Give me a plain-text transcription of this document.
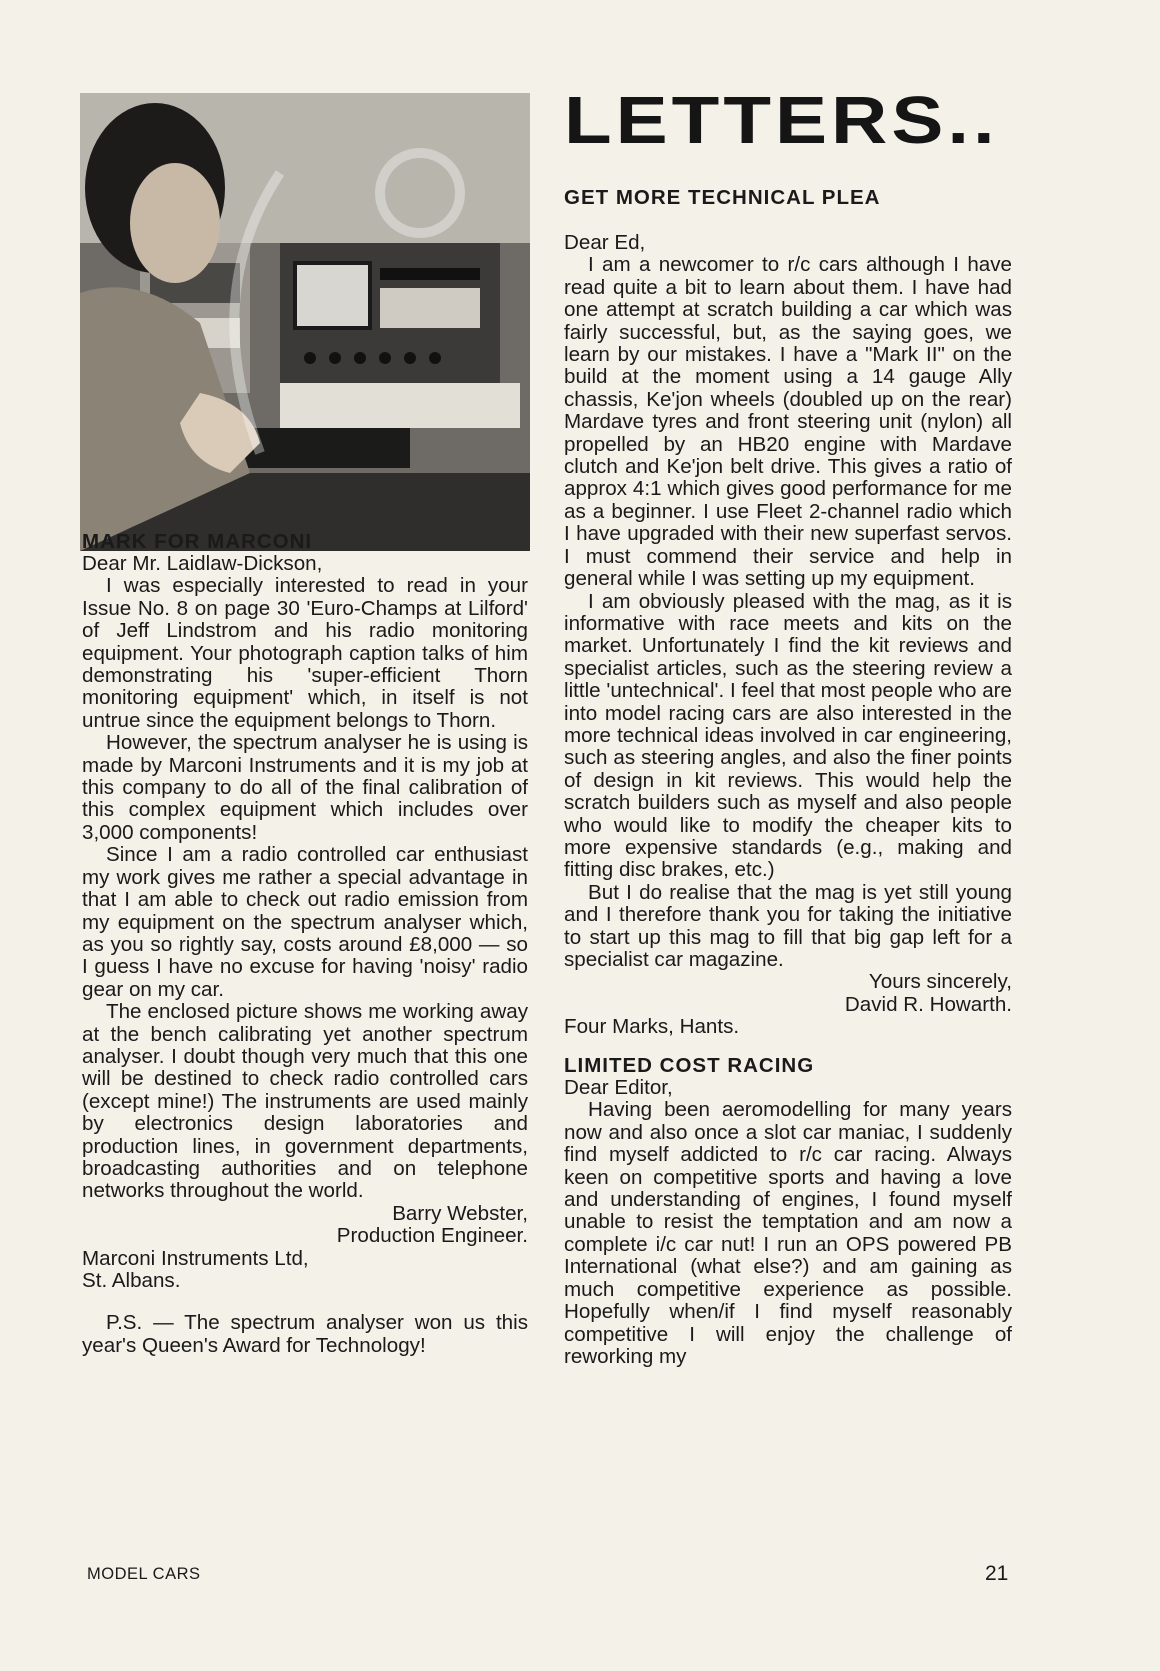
LETTERS..
MARK FOR MARCONI

Dear Mr. Laidlaw-Dickson,

I was especially interested to read in your Issue No. 8 on page 30 'Euro-Champs at Lilford' of Jeff Lindstrom and his radio monitoring equipment. Your photograph caption talks of him demonstrating his 'super-efficient Thorn monitoring equipment' which, in itself is not untrue since the equipment belongs to Thorn.

However, the spectrum analyser he is using is made by Marconi Instruments and it is my job at this company to do all of the final calibration of this complex equipment which includes over 3,000 components!

Since I am a radio controlled car enthusiast my work gives me rather a special advantage in that I am able to check out radio emission from my equipment on the spectrum analyser which, as you so rightly say, costs around £8,000 — so I guess I have no excuse for having 'noisy' radio gear on my car.

The enclosed picture shows me working away at the bench calibrating yet another spectrum analyser. I doubt though very much that this one will be destined to check radio controlled cars (except mine!) The instruments are used mainly by electronics design laboratories and production lines, in government departments, broadcasting authorities and on telephone networks throughout the world.

Barry Webster,

Production Engineer.

Marconi Instruments Ltd,

St. Albans.

P.S. — The spectrum analyser won us this year's Queen's Award for Technology!

GET MORE TECHNICAL PLEA

Dear Ed,

I am a newcomer to r/c cars although I have read quite a bit to learn about them. I have had one attempt at scratch building a car which was fairly successful, but, as the saying goes, we learn by our mistakes. I have a "Mark II" on the build at the moment using a 14 gauge Ally chassis, Ke'jon wheels (doubled up on the rear) Mardave tyres and front steering unit (nylon) all propelled by an HB20 engine with Mardave clutch and Ke'jon belt drive. This gives a ratio of approx 4:1 which gives good performance for me as a beginner. I use Fleet 2-channel radio which I have upgraded with their new superfast servos. I must commend their service and help in general while I was setting up my equipment.

I am obviously pleased with the mag, as it is informative with race meets and kits on the market. Unfortunately I find the kit reviews and specialist articles, such as the steering review a little 'untechnical'. I feel that most people who are into model racing cars are also interested in the more technical ideas involved in car engineering, such as steering angles, and also the finer points of design in kit reviews. This would help the scratch builders such as myself and also people who would like to modify the cheaper kits to more expensive standards (e.g., making and fitting disc brakes, etc.)

But I do realise that the mag is yet still young and I therefore thank you for taking the initiative to start up this mag to fill that big gap left for a specialist car magazine.

Yours sincerely,

David R. Howarth.

Four Marks, Hants.

LIMITED COST RACING

Dear Editor,

Having been aeromodelling for many years now and also once a slot car maniac, I suddenly find myself addicted to r/c car racing. Always keen on competitive sports and having a love and understanding of engines, I found myself unable to resist the temptation and am now a complete i/c car nut! I run an OPS powered PB International (what else?) and am gaining as much competitive experience as possible. Hopefully when/if I find myself reasonably competitive I will enjoy the challenge of reworking my

MODEL CARS	21
